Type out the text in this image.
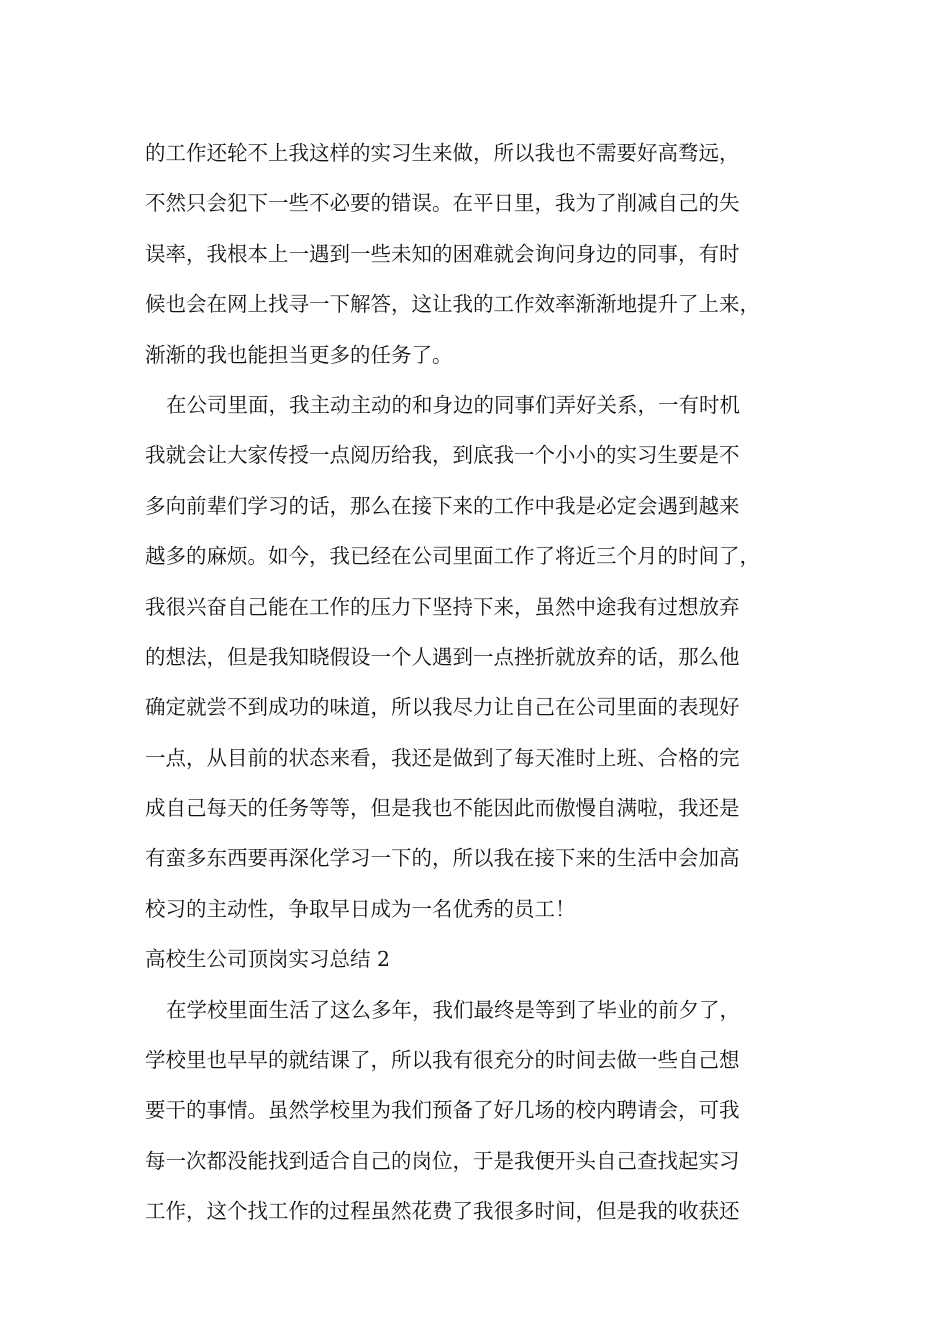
的工作还轮不上我这样的实习生来做，所以我也不需要好高骛远，
不然只会犯下一些不必要的错误。在平日里，我为了削减自己的失
误率，我根本上一遇到一些未知的困难就会询问身边的同事，有时
候也会在网上找寻一下解答，这让我的工作效率渐渐地提升了上来，
渐渐的我也能担当更多的任务了。
在公司里面，我主动主动的和身边的同事们弄好关系，一有时机
我就会让大家传授一点阅历给我，到底我一个小小的实习生要是不
多向前辈们学习的话，那么在接下来的工作中我是必定会遇到越来
越多的麻烦。如今，我已经在公司里面工作了将近三个月的时间了，
我很兴奋自己能在工作的压力下坚持下来，虽然中途我有过想放弃
的想法，但是我知晓假设一个人遇到一点挫折就放弃的话，那么他
确定就尝不到成功的味道，所以我尽力让自己在公司里面的表现好
一点，从目前的状态来看，我还是做到了每天准时上班、合格的完
成自己每天的任务等等，但是我也不能因此而傲慢自满啦，我还是
有蛮多东西要再深化学习一下的，所以我在接下来的生活中会加高
校习的主动性，争取早日成为一名优秀的员工！
高校生公司顶岗实习总结 2
在学校里面生活了这么多年，我们最终是等到了毕业的前夕了，
学校里也早早的就结课了，所以我有很充分的时间去做一些自己想
要干的事情。虽然学校里为我们预备了好几场的校内聘请会，可我
每一次都没能找到适合自己的岗位，于是我便开头自己查找起实习
工作，这个找工作的过程虽然花费了我很多时间，但是我的收获还
